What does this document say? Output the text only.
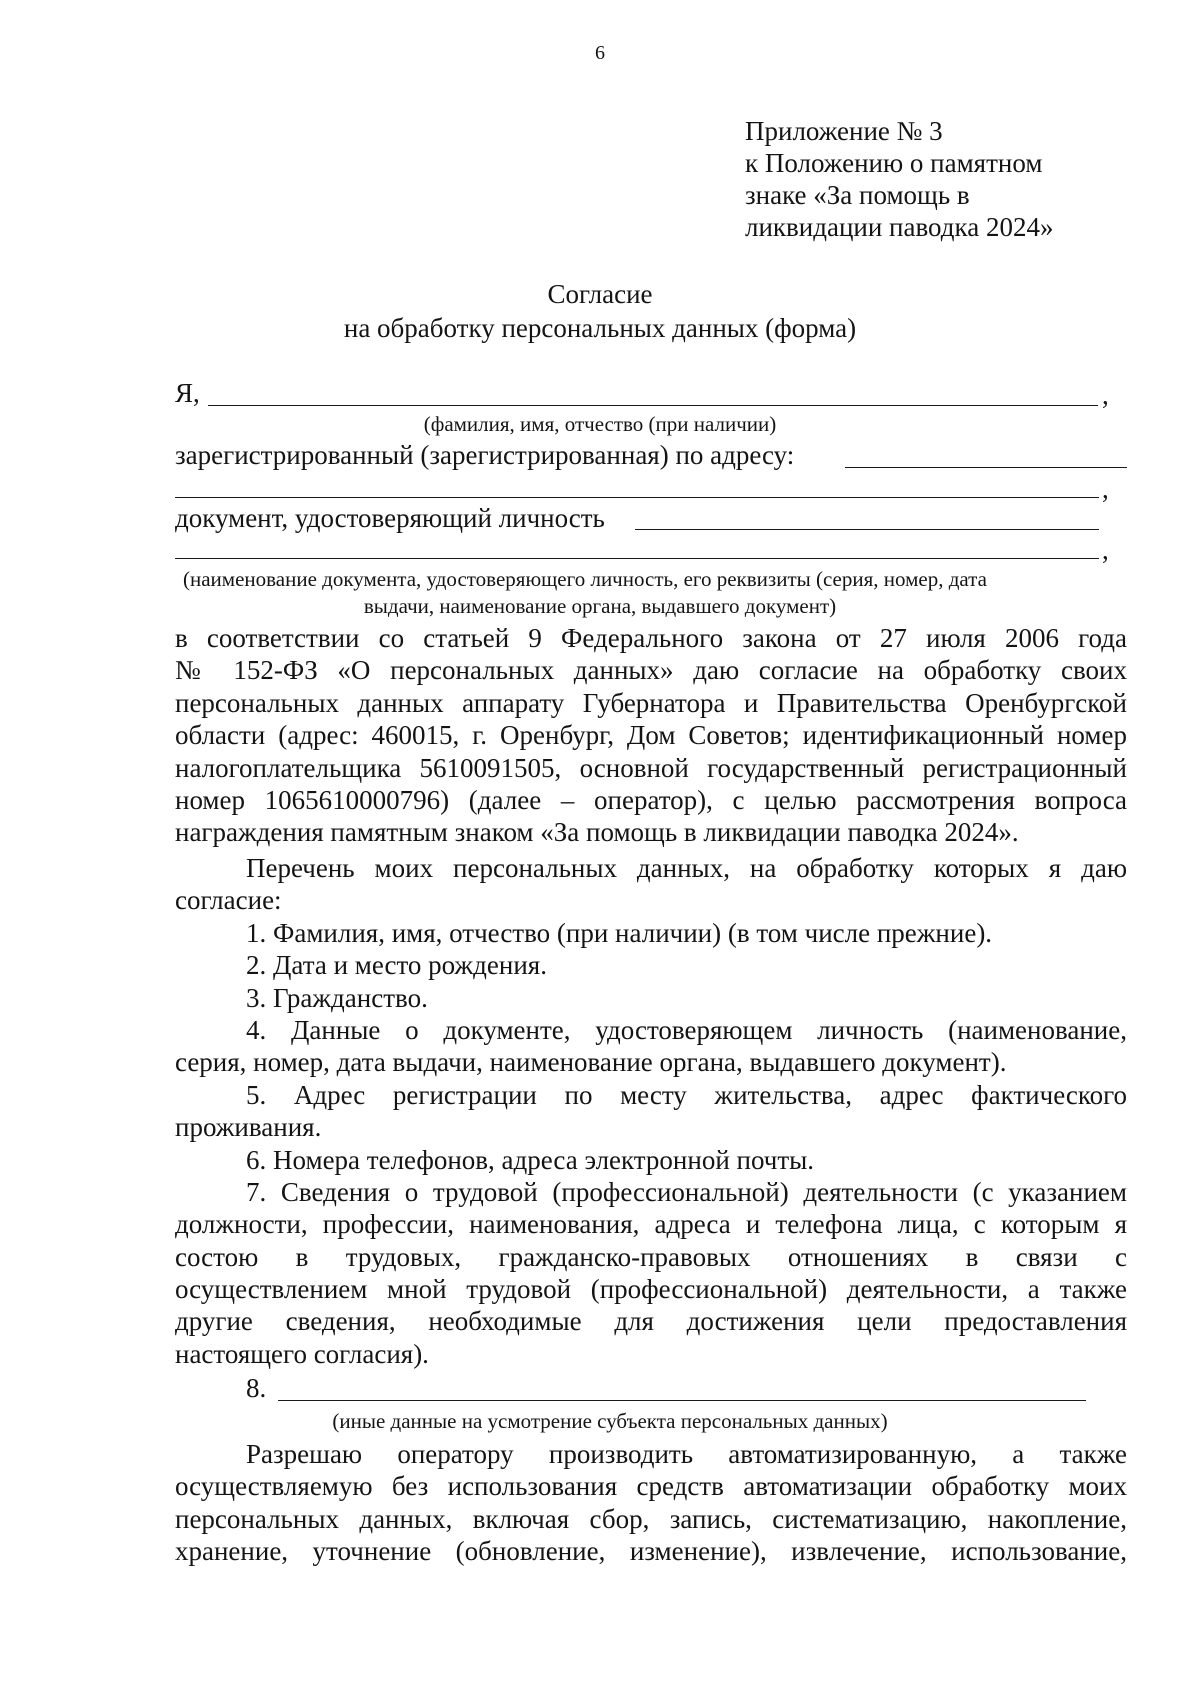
6
Приложение № 3
к Положению о памятном
знаке «За помощь в
ликвидации паводка 2024»
Согласие
на обработку персональных данных (форма)
Я,	,
(фамилия, имя, отчество (при наличии)
зарегистрированный (зарегистрированная) по адресу:
,
документ, удостоверяющий личность
,
(наименование документа, удостоверяющего личность, его реквизиты (серия, номер, дата
выдачи, наименование органа, выдавшего документ)
в соответствии со статьей 9 Федерального закона от 27 июля 2006 года
№ 152-ФЗ «О персональных данных» даю согласие на обработку своих
персональных данных аппарату Губернатора и Правительства Оренбургской
области (адрес: 460015, г. Оренбург, Дом Советов; идентификационный номер
налогоплательщика 5610091505, основной государственный регистрационный
номер 1065610000796) (далее – оператор), с целью рассмотрения вопроса
награждения памятным знаком «За помощь в ликвидации паводка 2024».
Перечень моих персональных данных, на обработку которых я даю
согласие:
1. Фамилия, имя, отчество (при наличии) (в том числе прежние).
2. Дата и место рождения.
3. Гражданство.
4. Данные о документе, удостоверяющем личность (наименование,
серия, номер, дата выдачи, наименование органа, выдавшего документ).
5. Адрес регистрации по месту жительства, адрес фактического
проживания.
6. Номера телефонов, адреса электронной почты.
7. Сведения о трудовой (профессиональной) деятельности (с указанием
должности, профессии, наименования, адреса и телефона лица, с которым я
состою в трудовых, гражданско-правовых отношениях в связи с
осуществлением мной трудовой (профессиональной) деятельности, а также
другие сведения, необходимые для достижения цели предоставления
настоящего согласия).
8.
(иные данные на усмотрение субъекта персональных данных)
Разрешаю оператору производить автоматизированную, а также
осуществляемую без использования средств автоматизации обработку моих
персональных данных, включая сбор, запись, систематизацию, накопление,
хранение, уточнение (обновление, изменение), извлечение, использование,
